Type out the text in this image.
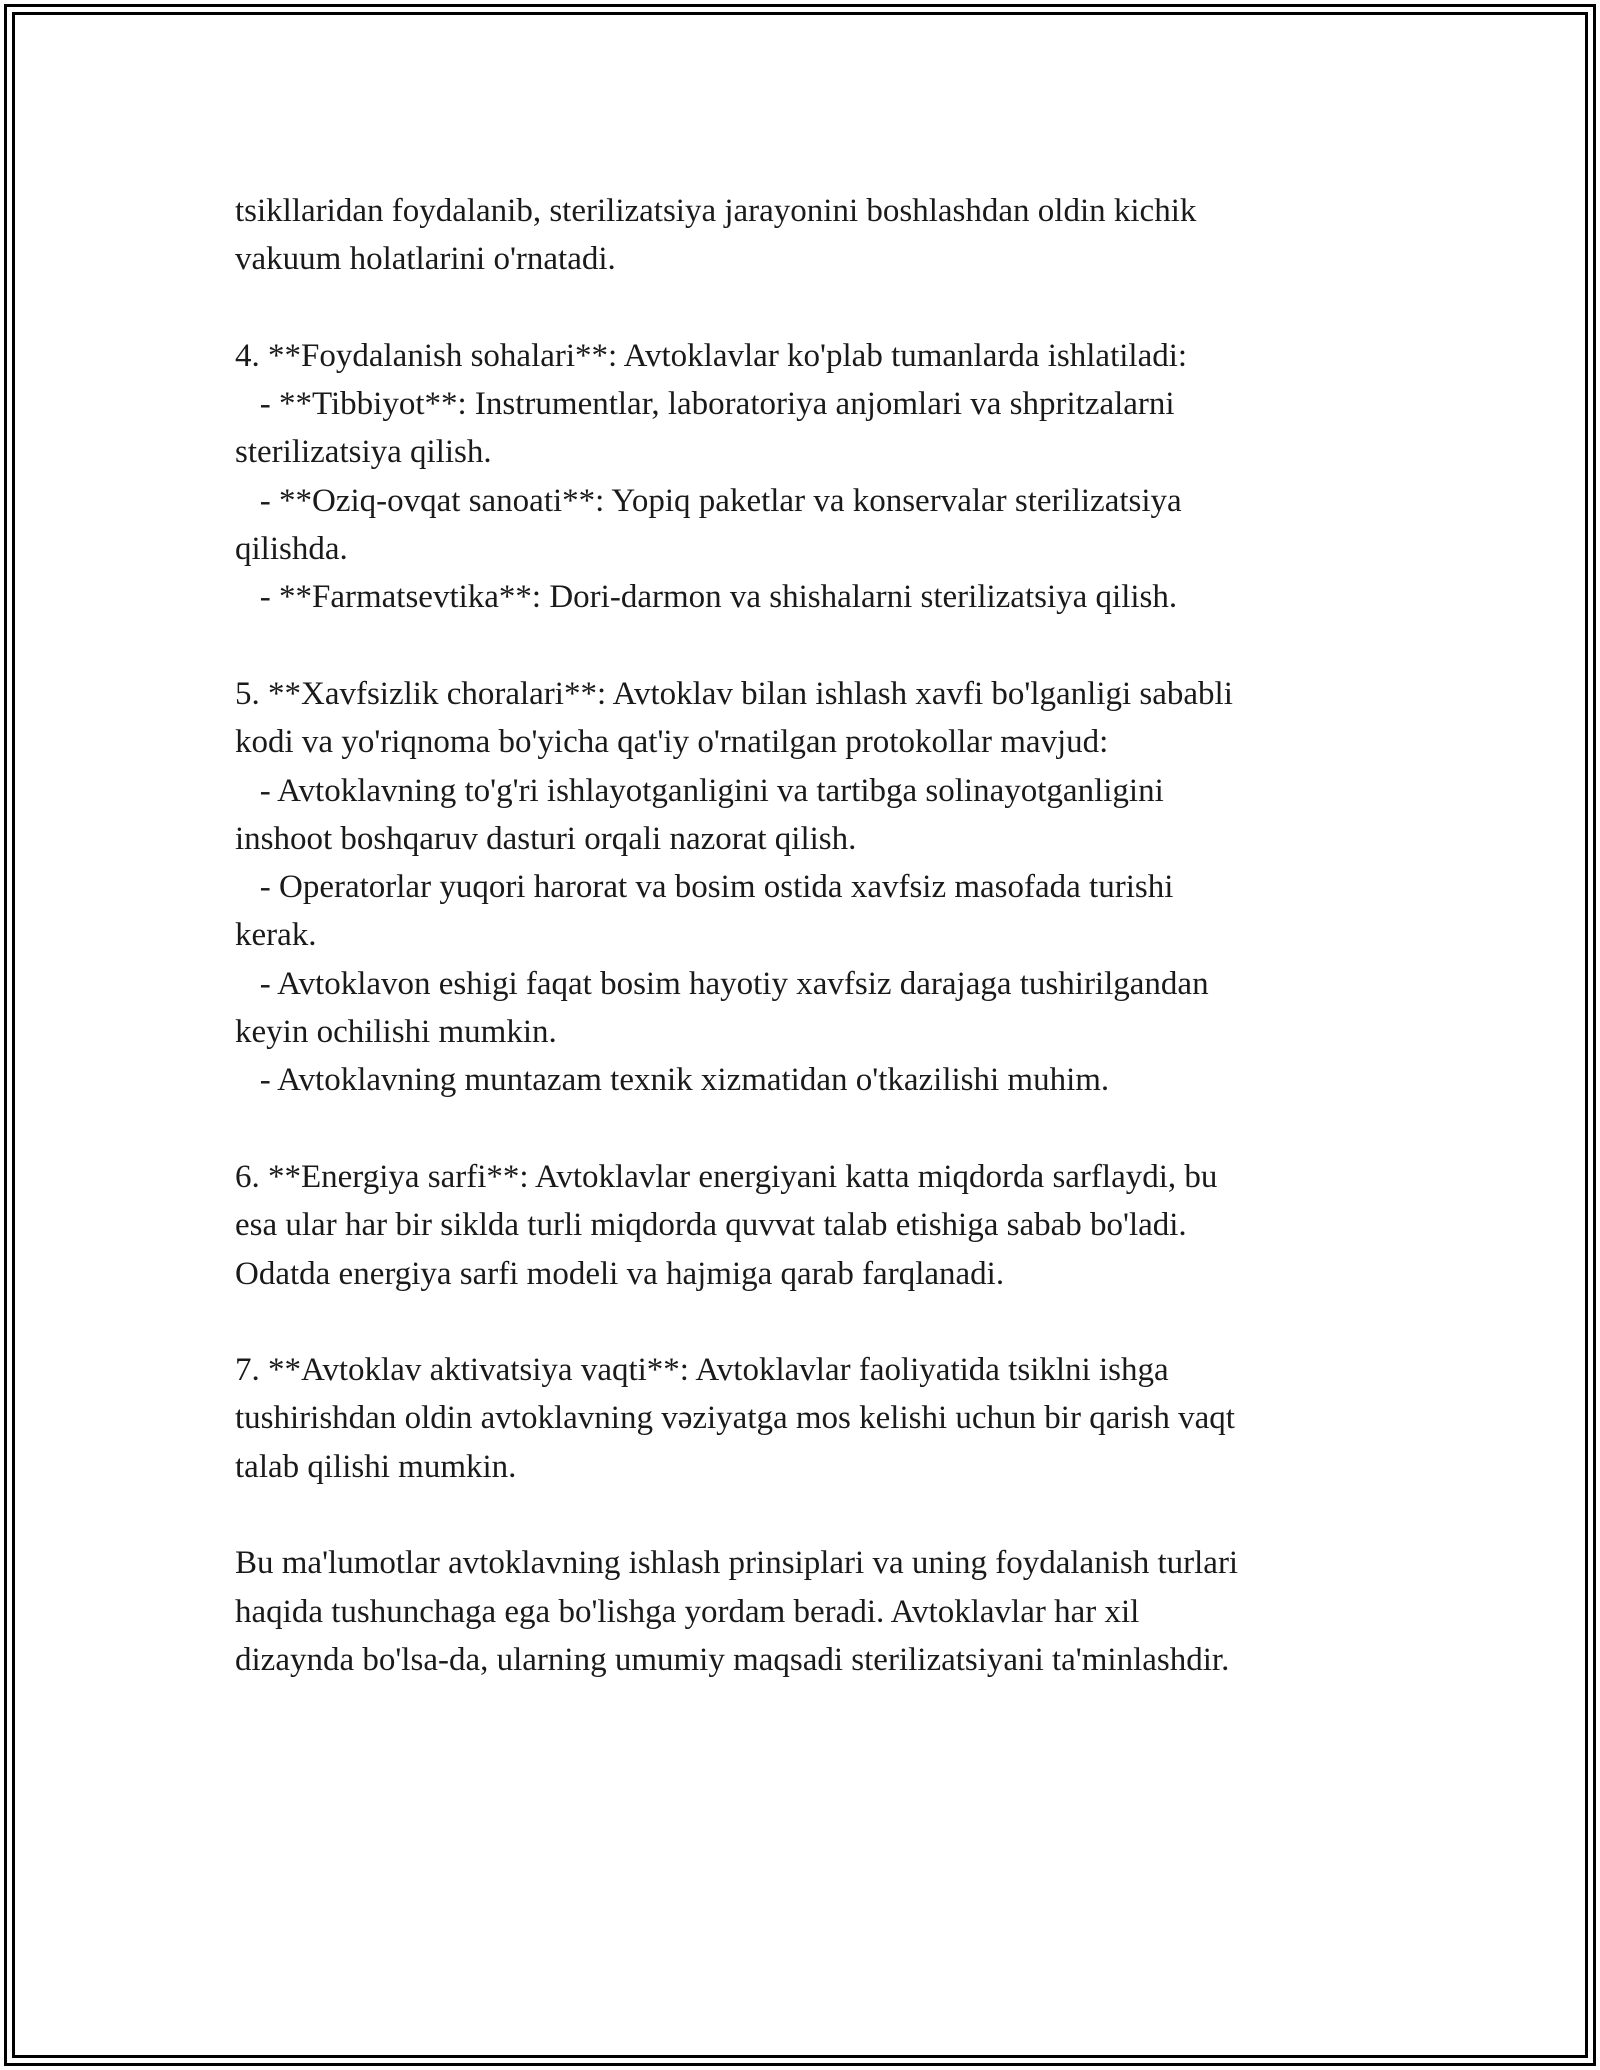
tsikllaridan foydalanib, sterilizatsiya jarayonini boshlashdan oldin kichik
vakuum holatlarini o'rnatadi.
4. **Foydalanish sohalari**: Avtoklavlar ko'plab tumanlarda ishlatiladi:
- **Tibbiyot**: Instrumentlar, laboratoriya anjomlari va shpritzalarni
sterilizatsiya qilish.
- **Oziq-ovqat sanoati**: Yopiq paketlar va konservalar sterilizatsiya
qilishda.
- **Farmatsevtika**: Dori-darmon va shishalarni sterilizatsiya qilish.
5. **Xavfsizlik choralari**: Avtoklav bilan ishlash xavfi bo'lganligi sababli
kodi va yo'riqnoma bo'yicha qat'iy o'rnatilgan protokollar mavjud:
- Avtoklavning to'g'ri ishlayotganligini va tartibga solinayotganligini
inshoot boshqaruv dasturi orqali nazorat qilish.
- Operatorlar yuqori harorat va bosim ostida xavfsiz masofada turishi
kerak.
- Avtoklavon eshigi faqat bosim hayotiy xavfsiz darajaga tushirilgandan
keyin ochilishi mumkin.
- Avtoklavning muntazam texnik xizmatidan o'tkazilishi muhim.
6. **Energiya sarfi**: Avtoklavlar energiyani katta miqdorda sarflaydi, bu
esa ular har bir siklda turli miqdorda quvvat talab etishiga sabab bo'ladi.
Odatda energiya sarfi modeli va hajmiga qarab farqlanadi.
7. **Avtoklav aktivatsiya vaqti**: Avtoklavlar faoliyatida tsiklni ishga
tushirishdan oldin avtoklavning vəziyatga mos kelishi uchun bir qarish vaqt
talab qilishi mumkin.
Bu ma'lumotlar avtoklavning ishlash prinsiplari va uning foydalanish turlari
haqida tushunchaga ega bo'lishga yordam beradi. Avtoklavlar har xil
dizaynda bo'lsa-da, ularning umumiy maqsadi sterilizatsiyani ta'minlashdir.
